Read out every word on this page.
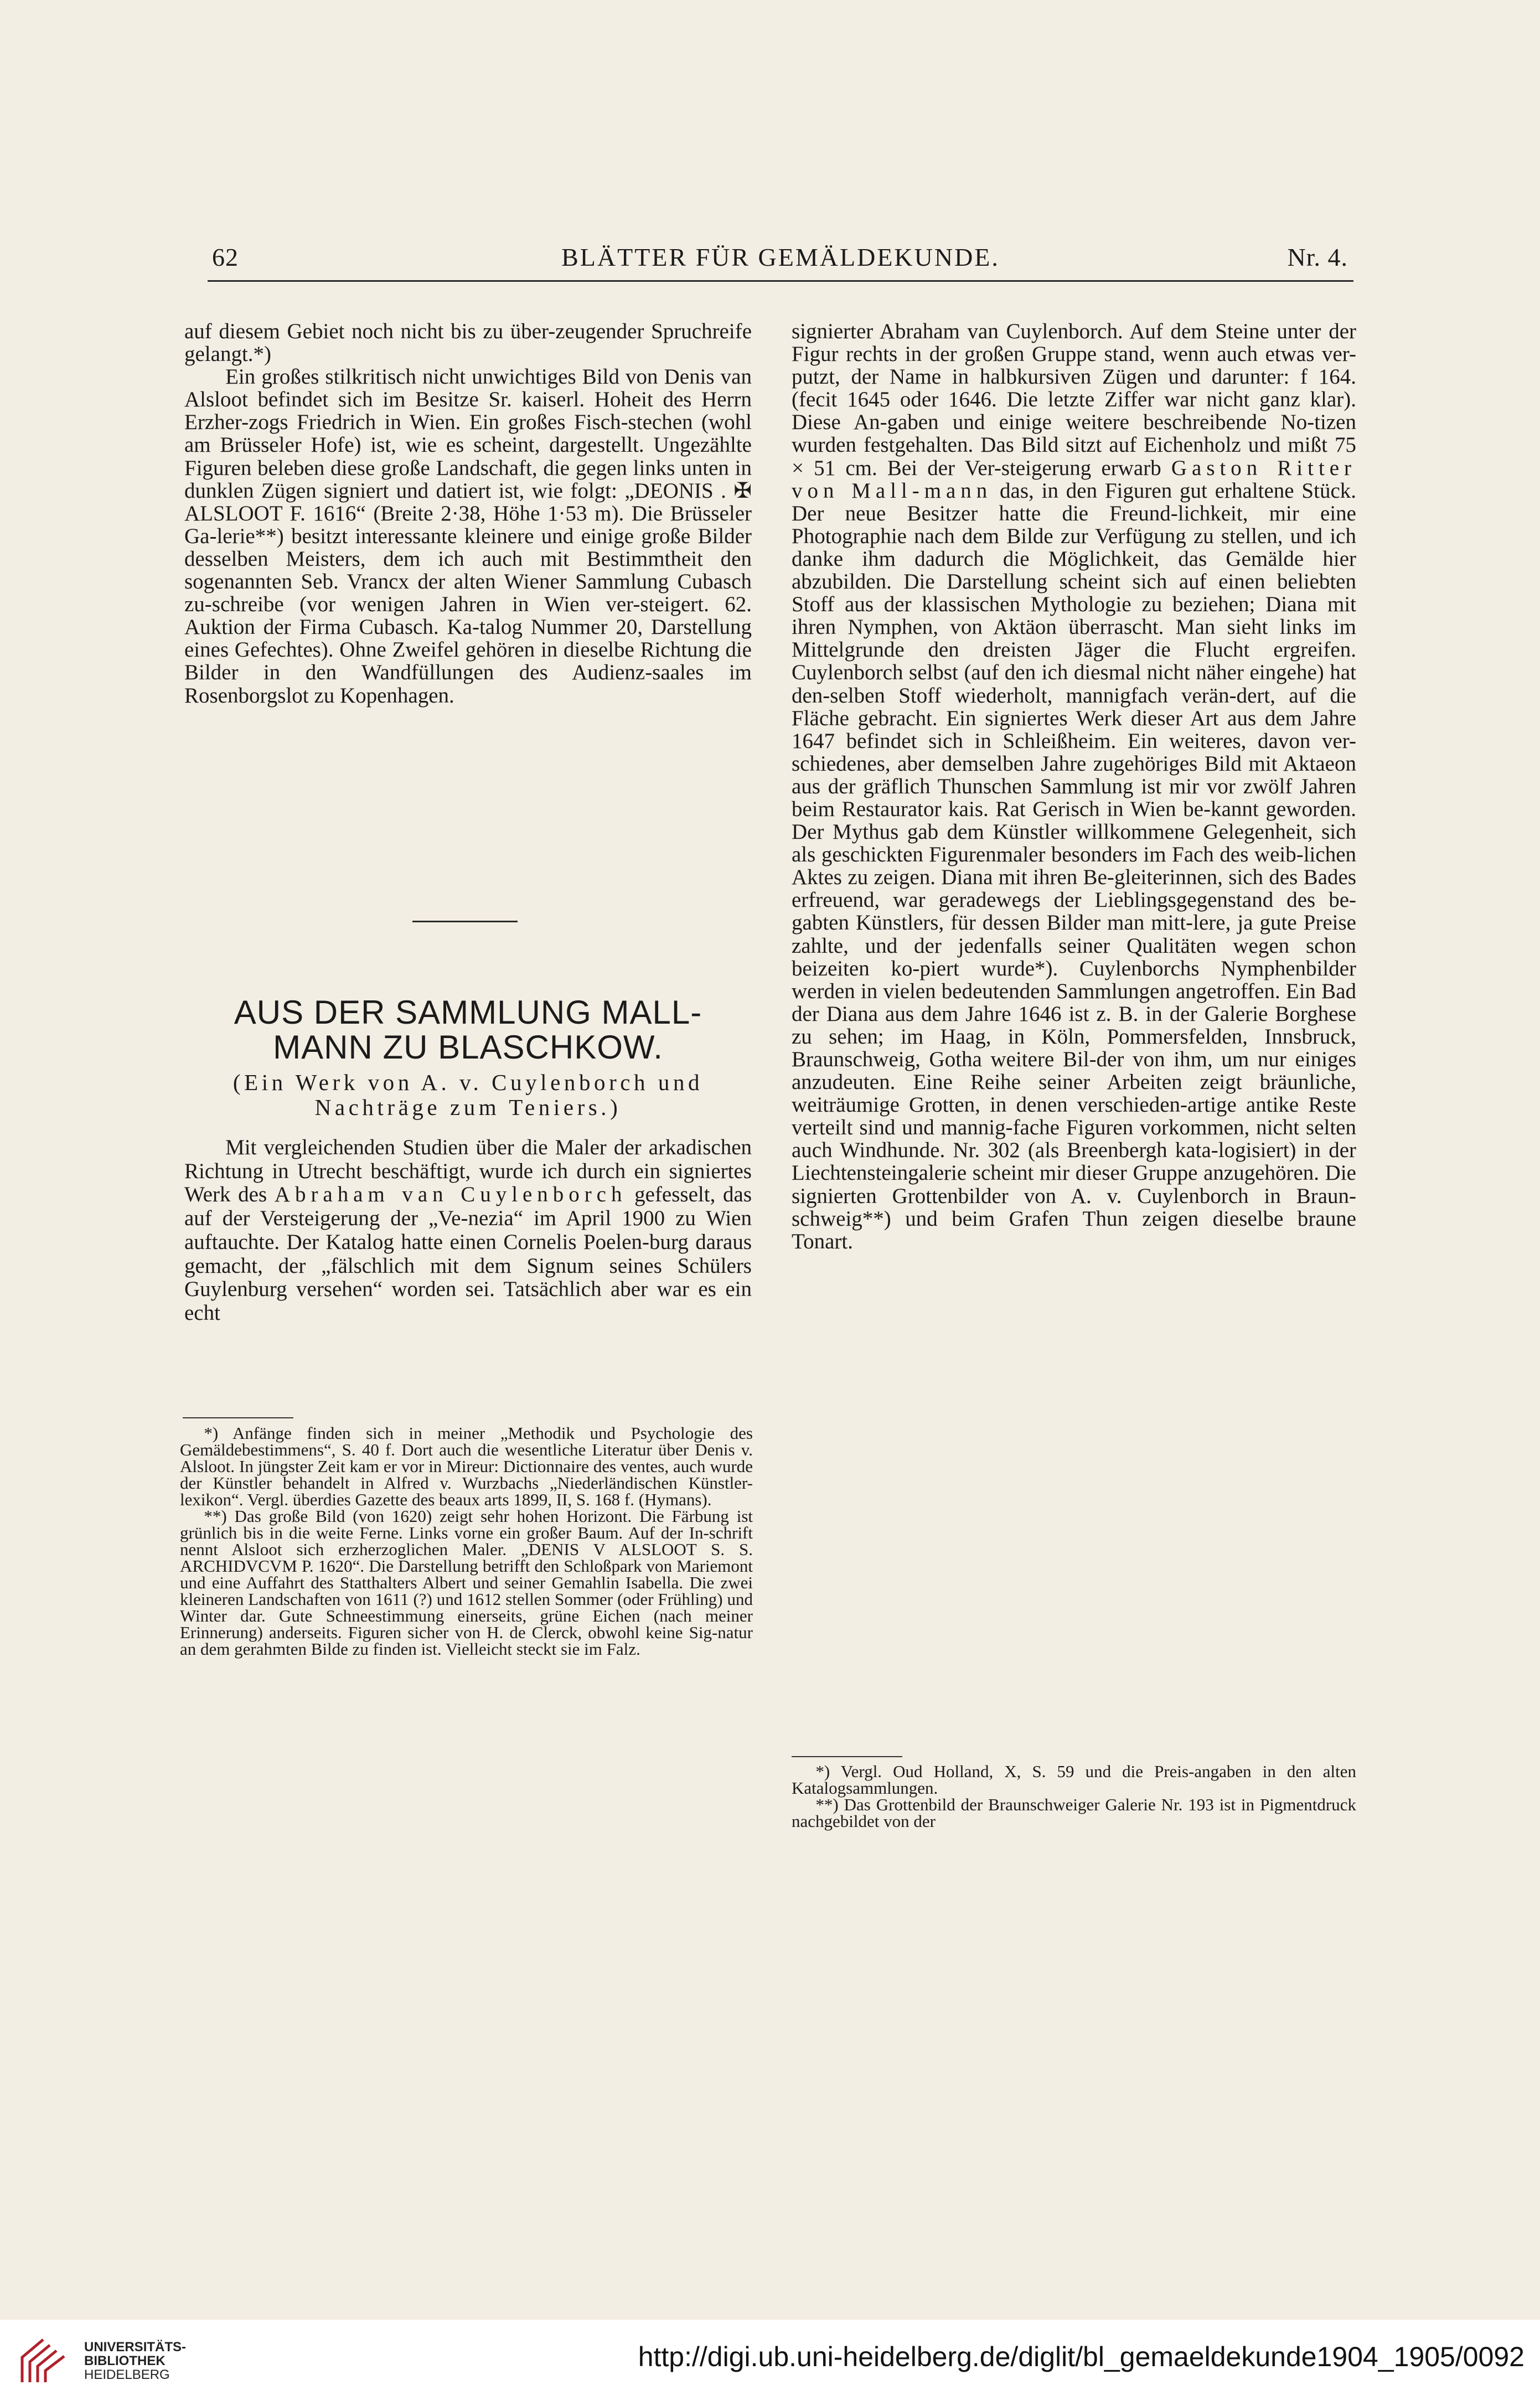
62	BLÄTTER FÜR GEMÄLDEKUNDE.	Nr. 4.

auf diesem Gebiet noch nicht bis zu über-zeugender Spruchreife gelangt.*)

Ein großes stilkritisch nicht unwichtiges Bild von Denis van Alsloot befindet sich im Besitze Sr. kaiserl. Hoheit des Herrn Erzher-zogs Friedrich in Wien. Ein großes Fisch-stechen (wohl am Brüsseler Hofe) ist, wie es scheint, dargestellt. Ungezählte Figuren beleben diese große Landschaft, die gegen links unten in dunklen Zügen signiert und datiert ist, wie folgt: „DEONIS . ✠ ALSLOOT F. 1616“ (Breite 2·38, Höhe 1·53 m). Die Brüsseler Ga-lerie**) besitzt interessante kleinere und einige große Bilder desselben Meisters, dem ich auch mit Bestimmtheit den sogenannten Seb. Vrancx der alten Wiener Sammlung Cubasch zu-schreibe (vor wenigen Jahren in Wien ver-steigert. 62. Auktion der Firma Cubasch. Ka-talog Nummer 20, Darstellung eines Gefechtes). Ohne Zweifel gehören in dieselbe Richtung die Bilder in den Wandfüllungen des Audienz-saales im Rosenborgslot zu Kopenhagen.

AUS DER SAMMLUNG MALL-
MANN ZU BLASCHKOW.
(Ein Werk von A. v. Cuylenborch und
Nachträge zum Teniers.)

Mit vergleichenden Studien über die Maler der arkadischen Richtung in Utrecht beschäftigt, wurde ich durch ein signiertes Werk des Abraham van Cuylenborch gefesselt, das auf der Versteigerung der „Ve-nezia“ im April 1900 zu Wien auftauchte. Der Katalog hatte einen Cornelis Poelen-burg daraus gemacht, der „fälschlich mit dem Signum seines Schülers Guylenburg versehen“ worden sei. Tatsächlich aber war es ein echt

*) Anfänge finden sich in meiner „Methodik und Psychologie des Gemäldebestimmens“, S. 40 f. Dort auch die wesentliche Literatur über Denis v. Alsloot. In jüngster Zeit kam er vor in Mireur: Dictionnaire des ventes, auch wurde der Künstler behandelt in Alfred v. Wurzbachs „Niederländischen Künstler-lexikon“. Vergl. überdies Gazette des beaux arts 1899, II, S. 168 f. (Hymans).

**) Das große Bild (von 1620) zeigt sehr hohen Horizont. Die Färbung ist grünlich bis in die weite Ferne. Links vorne ein großer Baum. Auf der In-schrift nennt Alsloot sich erzherzoglichen Maler. „DENIS V ALSLOOT S. S. ARCHIDVCVM P. 1620“. Die Darstellung betrifft den Schloßpark von Mariemont und eine Auffahrt des Statthalters Albert und seiner Gemahlin Isabella. Die zwei kleineren Landschaften von 1611 (?) und 1612 stellen Sommer (oder Frühling) und Winter dar. Gute Schneestimmung einerseits, grüne Eichen (nach meiner Erinnerung) anderseits. Figuren sicher von H. de Clerck, obwohl keine Sig-natur an dem gerahmten Bilde zu finden ist. Vielleicht steckt sie im Falz.

signierter Abraham van Cuylenborch. Auf dem Steine unter der Figur rechts in der großen Gruppe stand, wenn auch etwas ver-putzt, der Name in halbkursiven Zügen und darunter: f 164. (fecit 1645 oder 1646. Die letzte Ziffer war nicht ganz klar). Diese An-gaben und einige weitere beschreibende No-tizen wurden festgehalten. Das Bild sitzt auf Eichenholz und mißt 75 × 51 cm. Bei der Ver-steigerung erwarb Gaston Ritter von Mall-mann das, in den Figuren gut erhaltene Stück. Der neue Besitzer hatte die Freund-lichkeit, mir eine Photographie nach dem Bilde zur Verfügung zu stellen, und ich danke ihm dadurch die Möglichkeit, das Gemälde hier abzubilden. Die Darstellung scheint sich auf einen beliebten Stoff aus der klassischen Mythologie zu beziehen; Diana mit ihren Nymphen, von Aktäon überrascht. Man sieht links im Mittelgrunde den dreisten Jäger die Flucht ergreifen. Cuylenborch selbst (auf den ich diesmal nicht näher eingehe) hat den-selben Stoff wiederholt, mannigfach verän-dert, auf die Fläche gebracht. Ein signiertes Werk dieser Art aus dem Jahre 1647 befindet sich in Schleißheim. Ein weiteres, davon ver-schiedenes, aber demselben Jahre zugehöriges Bild mit Aktaeon aus der gräflich Thunschen Sammlung ist mir vor zwölf Jahren beim Restaurator kais. Rat Gerisch in Wien be-kannt geworden. Der Mythus gab dem Künstler willkommene Gelegenheit, sich als geschickten Figurenmaler besonders im Fach des weib-lichen Aktes zu zeigen. Diana mit ihren Be-gleiterinnen, sich des Bades erfreuend, war geradewegs der Lieblingsgegenstand des be-gabten Künstlers, für dessen Bilder man mitt-lere, ja gute Preise zahlte, und der jedenfalls seiner Qualitäten wegen schon beizeiten ko-piert wurde*). Cuylenborchs Nymphenbilder werden in vielen bedeutenden Sammlungen angetroffen. Ein Bad der Diana aus dem Jahre 1646 ist z. B. in der Galerie Borghese zu sehen; im Haag, in Köln, Pommersfelden, Innsbruck, Braunschweig, Gotha weitere Bil-der von ihm, um nur einiges anzudeuten. Eine Reihe seiner Arbeiten zeigt bräunliche, weiträumige Grotten, in denen verschieden-artige antike Reste verteilt sind und mannig-fache Figuren vorkommen, nicht selten auch Windhunde. Nr. 302 (als Breenbergh kata-logisiert) in der Liechtensteingalerie scheint mir dieser Gruppe anzugehören. Die signierten Grottenbilder von A. v. Cuylenborch in Braun-schweig**) und beim Grafen Thun zeigen dieselbe braune Tonart.

*) Vergl. Oud Holland, X, S. 59 und die Preis-angaben in den alten Katalogsammlungen.

**) Das Grottenbild der Braunschweiger Galerie Nr. 193 ist in Pigmentdruck nachgebildet von der

UNIVERSITÄTS-
BIBLIOTHEK
HEIDELBERG
http://digi.ub.uni-heidelberg.de/diglit/bl_gemaeldekunde1904_1905/0092
